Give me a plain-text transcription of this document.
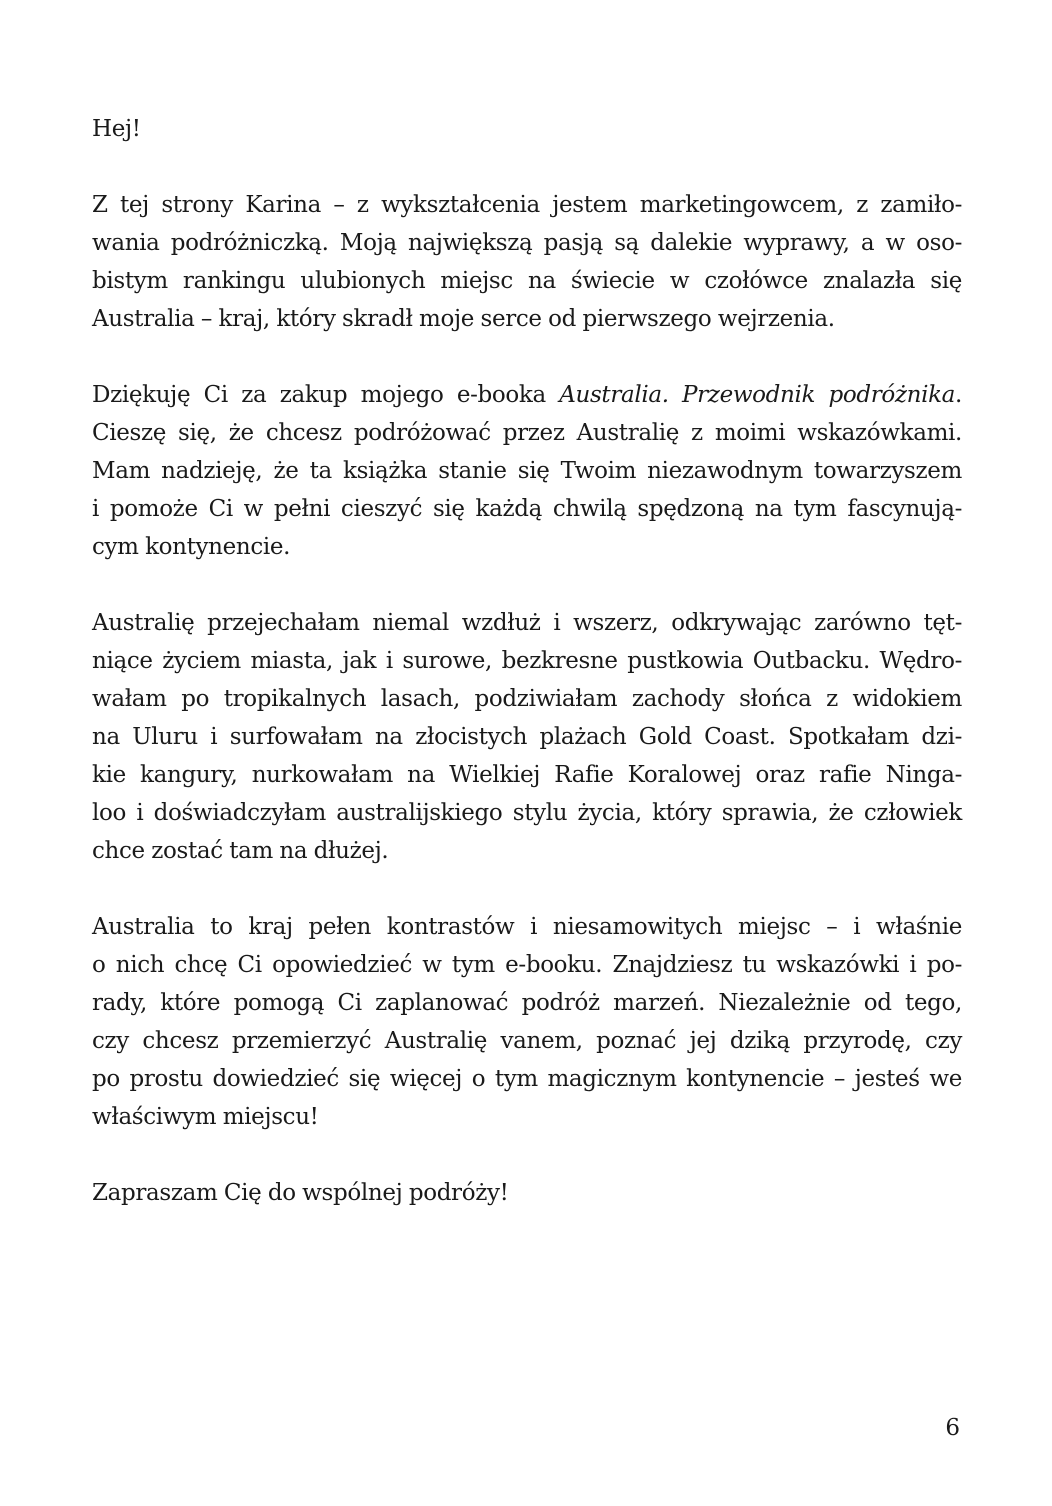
Hej!

Z tej strony Karina – z wykształcenia jestem marketingowcem, z zamiło-
wania podróżniczką. Moją największą pasją są dalekie wyprawy, a w oso-
bistym rankingu ulubionych miejsc na świecie w czołówce znalazła się
Australia – kraj, który skradł moje serce od pierwszego wejrzenia.

Dziękuję Ci za zakup mojego e-booka Australia. Przewodnik podróżnika.
Cieszę się, że chcesz podróżować przez Australię z moimi wskazówkami.
Mam nadzieję, że ta książka stanie się Twoim niezawodnym towarzyszem
i pomoże Ci w pełni cieszyć się każdą chwilą spędzoną na tym fascynują-
cym kontynencie.

Australię przejechałam niemal wzdłuż i wszerz, odkrywając zarówno tęt-
niące życiem miasta, jak i surowe, bezkresne pustkowia Outbacku. Wędro-
wałam po tropikalnych lasach, podziwiałam zachody słońca z widokiem
na Uluru i surfowałam na złocistych plażach Gold Coast. Spotkałam dzi-
kie kangury, nurkowałam na Wielkiej Rafie Koralowej oraz rafie Ninga-
loo i doświadczyłam australijskiego stylu życia, który sprawia, że człowiek
chce zostać tam na dłużej.

Australia to kraj pełen kontrastów i niesamowitych miejsc – i właśnie
o nich chcę Ci opowiedzieć w tym e-booku. Znajdziesz tu wskazówki i po-
rady, które pomogą Ci zaplanować podróż marzeń. Niezależnie od tego,
czy chcesz przemierzyć Australię vanem, poznać jej dziką przyrodę, czy
po prostu dowiedzieć się więcej o tym magicznym kontynencie – jesteś we
właściwym miejscu!

Zapraszam Cię do wspólnej podróży!

6
